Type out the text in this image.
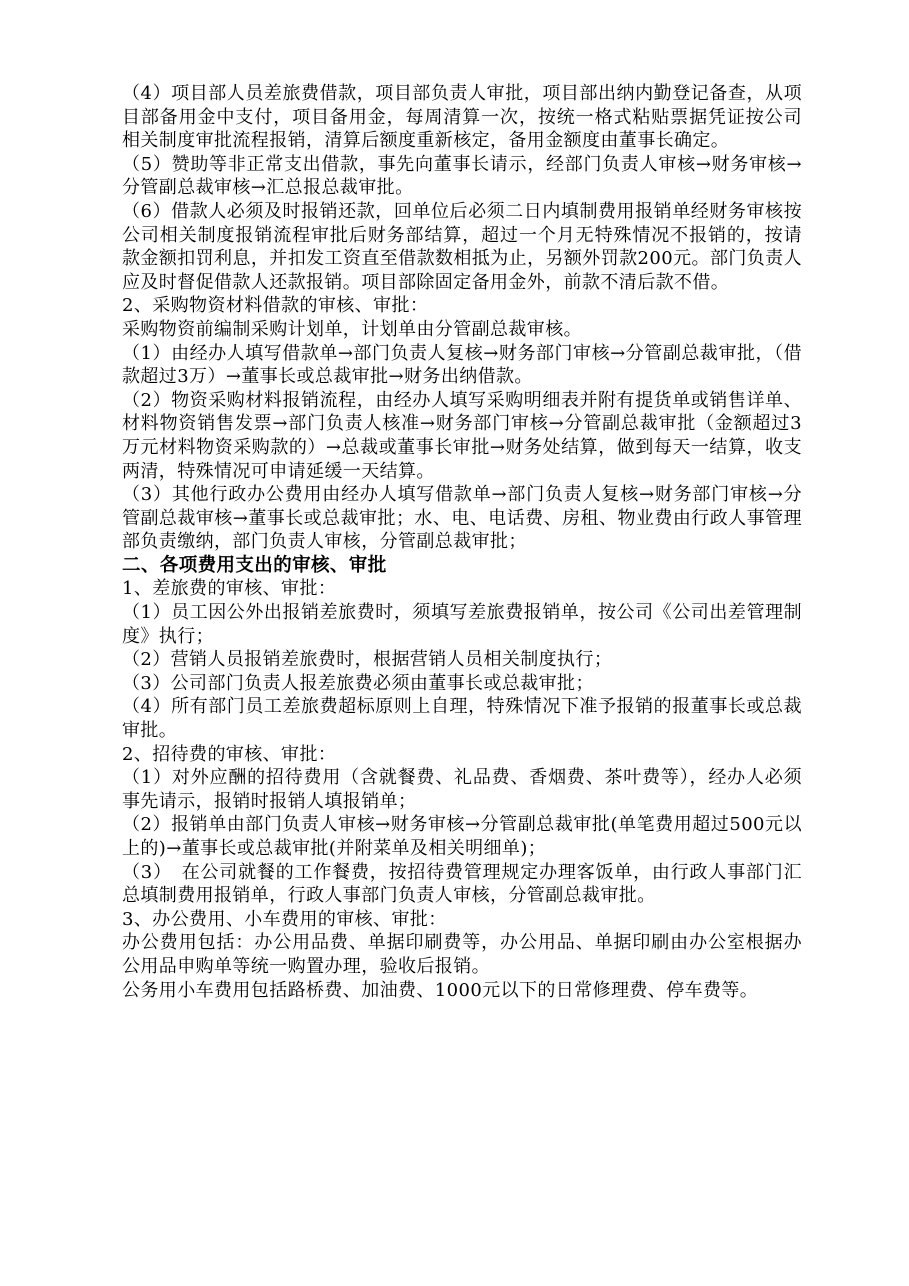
（4）项目部人员差旅费借款，项目部负责人审批，项目部出纳内勤登记备查，从项目部备用金中支付，项目备用金，每周清算一次，按统一格式粘贴票据凭证按公司相关制度审批流程报销，清算后额度重新核定，备用金额度由董事长确定。

（5）赞助等非正常支出借款，事先向董事长请示，经部门负责人审核→财务审核→分管副总裁审核→汇总报总裁审批。

（6）借款人必须及时报销还款，回单位后必须二日内填制费用报销单经财务审核按公司相关制度报销流程审批后财务部结算，超过一个月无特殊情况不报销的，按请款金额扣罚利息，并扣发工资直至借款数相抵为止，另额外罚款200元。部门负责人应及时督促借款人还款报销。项目部除固定备用金外，前款不清后款不借。

2、采购物资材料借款的审核、审批：

采购物资前编制采购计划单，计划单由分管副总裁审核。

（1）由经办人填写借款单→部门负责人复核→财务部门审核→分管副总裁审批，（借款超过3万）→董事长或总裁审批→财务出纳借款。

（2）物资采购材料报销流程，由经办人填写采购明细表并附有提货单或销售详单、材料物资销售发票→部门负责人核准→财务部门审核→分管副总裁审批（金额超过3万元材料物资采购款的）→总裁或董事长审批→财务处结算，做到每天一结算，收支两清，特殊情况可申请延缓一天结算。

（3）其他行政办公费用由经办人填写借款单→部门负责人复核→财务部门审核→分管副总裁审核→董事长或总裁审批；水、电、电话费、房租、物业费由行政人事管理部负责缴纳，部门负责人审核，分管副总裁审批；

二、各项费用支出的审核、审批

1、差旅费的审核、审批：

（1）员工因公外出报销差旅费时，须填写差旅费报销单，按公司《公司出差管理制度》执行；

（2）营销人员报销差旅费时，根据营销人员相关制度执行；

（3）公司部门负责人报差旅费必须由董事长或总裁审批；

（4）所有部门员工差旅费超标原则上自理，特殊情况下准予报销的报董事长或总裁审批。

2、招待费的审核、审批：

（1）对外应酬的招待费用（含就餐费、礼品费、香烟费、茶叶费等），经办人必须事先请示，报销时报销人填报销单；

（2）报销单由部门负责人审核→财务审核→分管副总裁审批(单笔费用超过500元以上的)→董事长或总裁审批(并附菜单及相关明细单)；

（3）　在公司就餐的工作餐费，按招待费管理规定办理客饭单，由行政人事部门汇总填制费用报销单，行政人事部门负责人审核，分管副总裁审批。

3、办公费用、小车费用的审核、审批：

办公费用包括：办公用品费、单据印刷费等，办公用品、单据印刷由办公室根据办公用品申购单等统一购置办理，验收后报销。

公务用小车费用包括路桥费、加油费、1000元以下的日常修理费、停车费等。
